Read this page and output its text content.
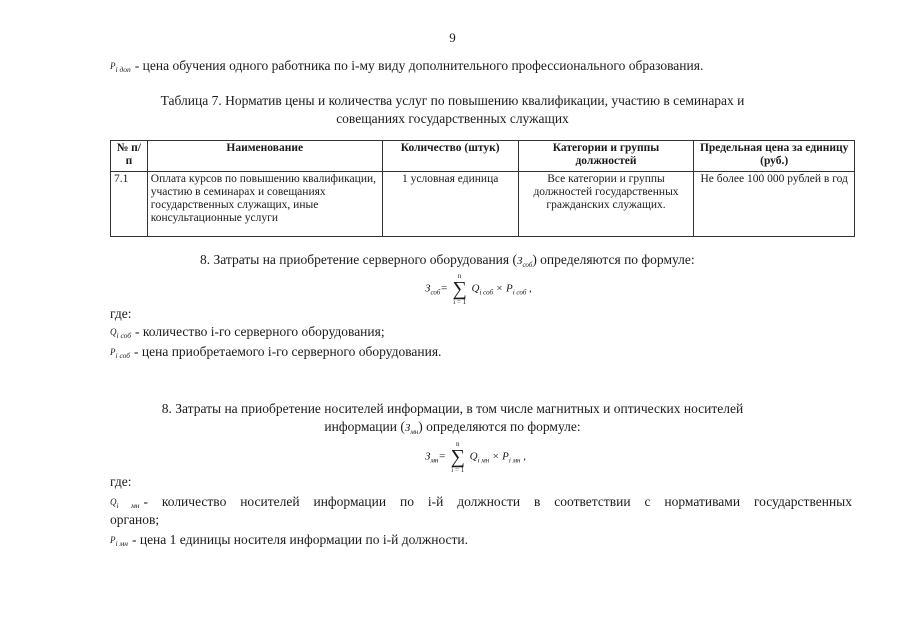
9
$P_{i доп}$ - цена обучения одного работника по i-му виду дополнительного профессионального образования.
Таблица 7. Норматив цены и количества услуг по повышению квалификации, участию в семинарах и
совещаниях государственных служащих
№ п/п	Наименование	Количество (штук)	Категории и группы должностей	Предельная цена за единицу (руб.)
7.1	Оплата курсов по повышению квалификации, участию в семинарах и совещаниях государственных служащих, иные консультационные услуги	1 условная единица	Все категории и группы должностей государственных гражданских служащих.	Не более 100 000 рублей в год
8. Затраты на приобретение серверного оборудования $(З_{соб})$ определяются по формуле:
$З_{соб}=$
n
∑
i = 1
$Q_{i соб} \times P_{i соб}$ ,
где:
$Q_{i соб}$ - количество i-го серверного оборудования;
$P_{i соб}$ - цена приобретаемого i-го серверного оборудования.
8. Затраты на приобретение носителей информации, в том числе магнитных и оптических носителей
информации $(З_{мн})$ определяются по формуле:
$З_{мн}=$
n
∑
i = 1
$Q_{i мн} \times P_{i мн}$ ,
где:
$Q_{i мн}$ - количество носителей информации по i-й должности в соответствии с нормативами государственных
органов;
$P_{i мн}$ - цена 1 единицы носителя информации по i-й должности.
